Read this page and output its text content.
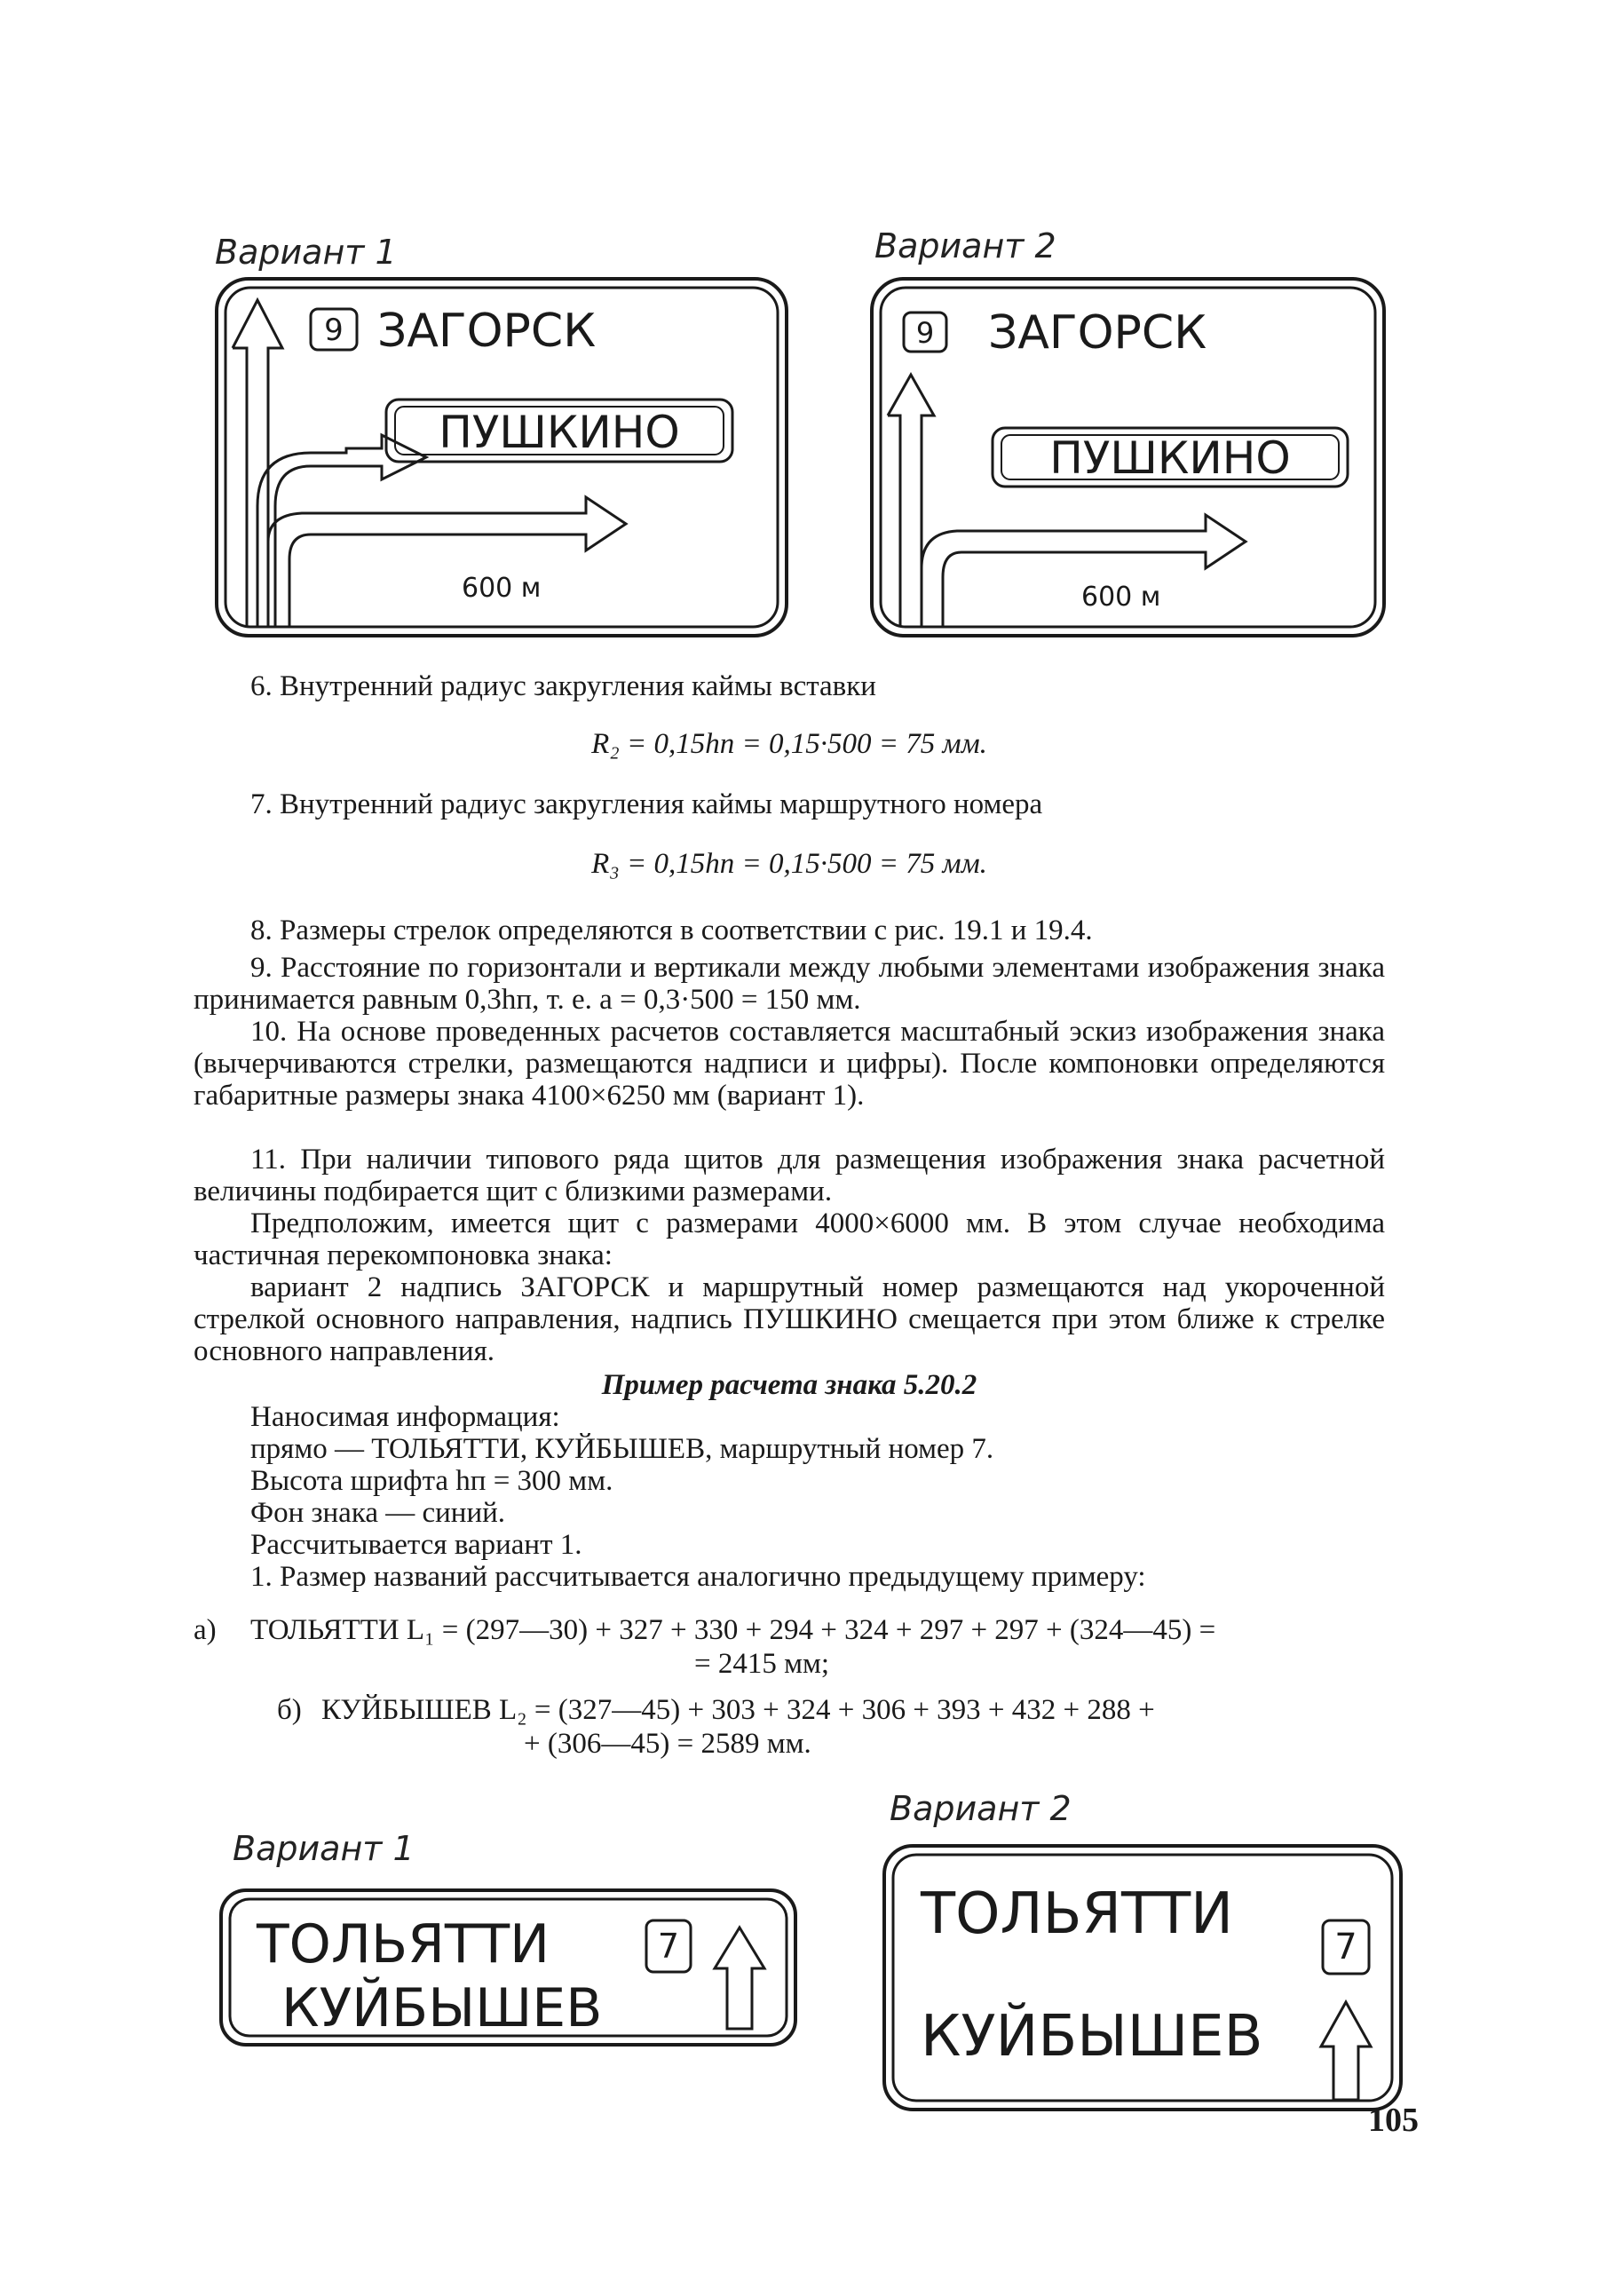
Вариант 1	Вариант 2
9 ЗАГОРСК
ПУШКИНО
600 м
9 ЗАГОРСК
ПУШКИНО
600 м
6. Внутренний радиус закругления каймы вставки
R₂ = 0,15hп = 0,15·500 = 75 мм.
7. Внутренний радиус закругления каймы маршрутного номера
R₃ = 0,15hп = 0,15·500 = 75 мм.
8. Размеры стрелок определяются в соответствии с рис. 19.1 и 19.4.
9. Расстояние по горизонтали и вертикали между любыми элементами изображения знака принимается равным 0,3hп, т. е. a = 0,3·500 = 150 мм.
10. На основе проведенных расчетов составляется масштабный эскиз изображения знака (вычерчиваются стрелки, размещаются надписи и цифры). После компоновки определяются габаритные размеры знака 4100×6250 мм (вариант 1).
11. При наличии типового ряда щитов для размещения изображения знака расчетной величины подбирается щит с близкими размерами.
Предположим, имеется щит с размерами 4000×6000 мм. В этом случае необходима частичная перекомпоновка знака:
вариант 2 надпись ЗАГОРСК и маршрутный номер размещаются над укороченной стрелкой основного направления, надпись ПУШКИНО смещается при этом ближе к стрелке основного направления.
Пример расчета знака 5.20.2
Наносимая информация:
прямо — ТОЛЬЯТТИ, КУЙБЫШЕВ, маршрутный номер 7.
Высота шрифта hп = 300 мм.
Фон знака — синий.
Рассчитывается вариант 1.
1. Размер названий рассчитывается аналогично предыдущему примеру:
а) ТОЛЬЯТТИ L₁ = (297—30) + 327 + 330 + 294 + 324 + 297 + 297 + (324—45) =
= 2415 мм;
б) КУЙБЫШЕВ L₂ = (327—45) + 303 + 324 + 306 + 393 + 432 + 288 +
+ (306—45) = 2589 мм.
Вариант 1
Вариант 2
ТОЛЬЯТТИ
КУЙБЫШЕВ
7	ТОЛЬЯТТИ
КУЙБЫШЕВ
7
105
